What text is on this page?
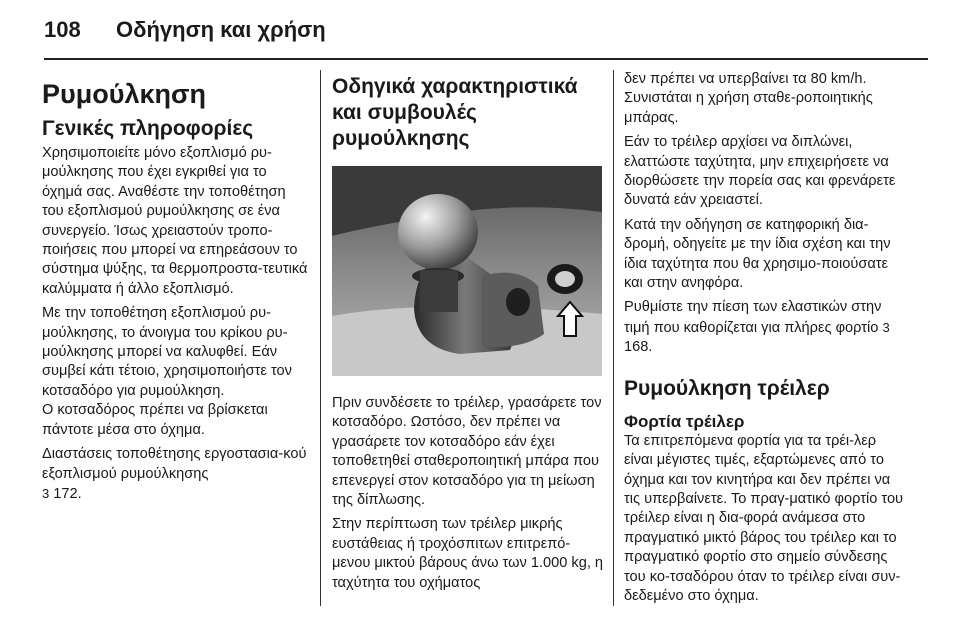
108	Οδήγηση και χρήση
Ρυμούλκηση
Γενικές πληροφορίες

Χρησιμοποιείτε μόνο εξοπλισμό ρυ-μούλκησης που έχει εγκριθεί για το όχημά σας. Αναθέστε την τοποθέτηση του εξοπλισμού ρυμούλκησης σε ένα συνεργείο. Ίσως χρειαστούν τροπο-ποιήσεις που μπορεί να επηρεάσουν το σύστημα ψύξης, τα θερμοπροστα-τευτικά καλύμματα ή άλλο εξοπλισμό.

Με την τοποθέτηση εξοπλισμού ρυ-μούλκησης, το άνοιγμα του κρίκου ρυ-μούλκησης μπορεί να καλυφθεί. Εάν συμβεί κάτι τέτοιο, χρησιμοποιήστε τον κοτσαδόρο για ρυμούλκηση.

Ο κοτσαδόρος πρέπει να βρίσκεται πάντοτε μέσα στο όχημα.

Διαστάσεις τοποθέτησης εργοστασια-κού εξοπλισμού ρυμούλκησης
3 172.

Οδηγικά χαρακτηριστικά και συμβουλές ρυμούλκησης

Πριν συνδέσετε το τρέιλερ, γρασάρετε τον κοτσαδόρο. Ωστόσο, δεν πρέπει να γρασάρετε τον κοτσαδόρο εάν έχει τοποθετηθεί σταθεροποιητική μπάρα που επενεργεί στον κοτσαδόρο για τη μείωση της δίπλωσης.

Στην περίπτωση των τρέιλερ μικρής ευστάθειας ή τροχόσπιτων επιτρεπό-μενου μικτού βάρους άνω των 1.000 kg, η ταχύτητα του οχήματος

δεν πρέπει να υπερβαίνει τα 80 km/h. Συνιστάται η χρήση σταθε-ροποιητικής μπάρας.

Εάν το τρέιλερ αρχίσει να διπλώνει, ελαττώστε ταχύτητα, μην επιχειρήσετε να διορθώσετε την πορεία σας και φρενάρετε δυνατά εάν χρειαστεί.

Κατά την οδήγηση σε κατηφορική δια-δρομή, οδηγείτε με την ίδια σχέση και την ίδια ταχύτητα που θα χρησιμο-ποιούσατε και στην ανηφόρα.

Ρυθμίστε την πίεση των ελαστικών στην τιμή που καθορίζεται για πλήρες φορτίο 3 168.

Ρυμούλκηση τρέιλερ
Φορτία τρέιλερ

Τα επιτρεπόμενα φορτία για τα τρέι-λερ είναι μέγιστες τιμές, εξαρτώμενες από το όχημα και τον κινητήρα και δεν πρέπει να τις υπερβαίνετε. Το πραγ-ματικό φορτίο του τρέιλερ είναι η δια-φορά ανάμεσα στο πραγματικό μικτό βάρος του τρέιλερ και το πραγματικό φορτίο στο σημείο σύνδεσης του κο-τσαδόρου όταν το τρέιλερ είναι συν-δεδεμένο στο όχημα.
